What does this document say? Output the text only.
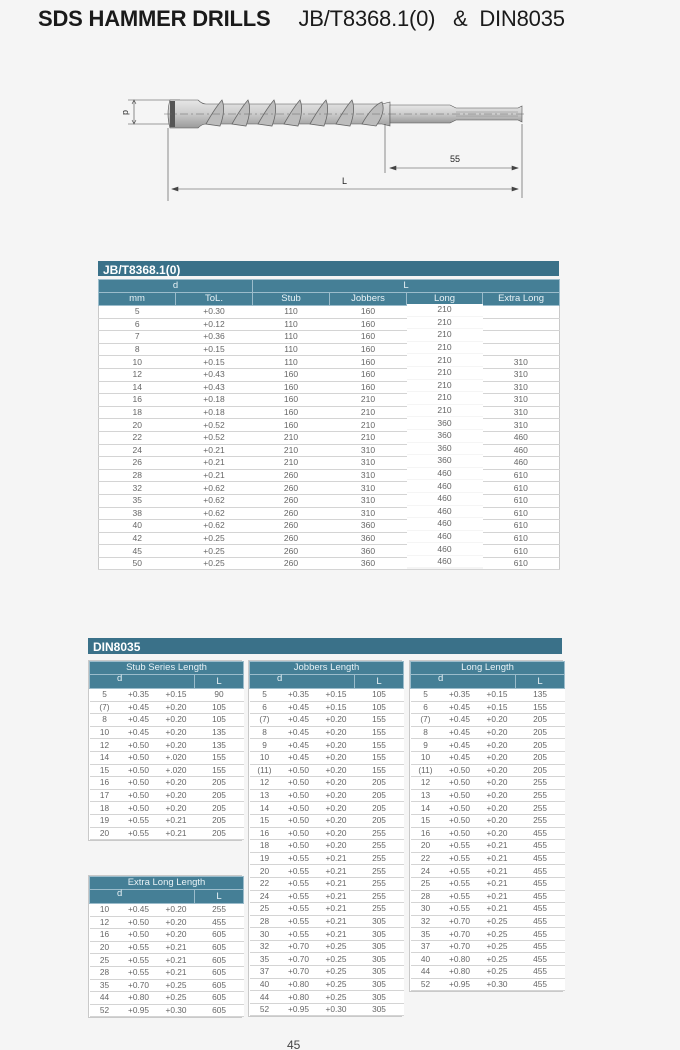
SDS HAMMER DRILLS JB/T8368.1(0)   &  DIN8035
d
55
L
JB/T8368.1(0)
d		L			
mm	ToL.	Stub	Jobbers	Long	Extra Long
5	+0.30	110	160	210	
6	+0.12	110	160	210	
7	+0.36	110	160	210	
8	+0.15	110	160	210	
10	+0.15	110	160	210	310
12	+0.43	160	160	210	310
14	+0.43	160	160	210	310
16	+0.18	160	210	210	310
18	+0.18	160	210	210	310
20	+0.52	160	210	360	310
22	+0.52	210	210	360	460
24	+0.21	210	310	360	460
26	+0.21	210	310	360	460
28	+0.21	260	310	460	610
32	+0.62	260	310	460	610
35	+0.62	260	310	460	610
38	+0.62	260	310	460	610
40	+0.62	260	360	460	610
42	+0.25	260	360	460	610
45	+0.25	260	360	460	610
50	+0.25	260	360	460	610
DIN8035
Stub Series Length			
d			L
5	+0.35	+0.15	90
(7)	+0.45	+0.20	105
8	+0.45	+0.20	105
10	+0.45	+0.20	135
12	+0.50	+0.20	135
14	+0.50	+.020	155
15	+0.50	+.020	155
16	+0.50	+0.20	205
17	+0.50	+0.20	205
18	+0.50	+0.20	205
19	+0.55	+0.21	205
20	+0.55	+0.21	205
Jobbers Length			
d			L
5	+0.35	+0.15	105
6	+0.45	+0.15	105
(7)	+0.45	+0.20	155
8	+0.45	+0.20	155
9	+0.45	+0.20	155
10	+0.45	+0.20	155
(11)	+0.50	+0.20	155
12	+0.50	+0.20	205
13	+0.50	+0.20	205
14	+0.50	+0.20	205
15	+0.50	+0.20	205
16	+0.50	+0.20	255
18	+0.50	+0.20	255
19	+0.55	+0.21	255
20	+0.55	+0.21	255
22	+0.55	+0.21	255
24	+0.55	+0.21	255
25	+0.55	+0.21	255
28	+0.55	+0.21	305
30	+0.55	+0.21	305
32	+0.70	+0.25	305
35	+0.70	+0.25	305
37	+0.70	+0.25	305
40	+0.80	+0.25	305
44	+0.80	+0.25	305
52	+0.95	+0.30	305
Long Length			
d			L
5	+0.35	+0.15	135
6	+0.45	+0.15	155
(7)	+0.45	+0.20	205
8	+0.45	+0.20	205
9	+0.45	+0.20	205
10	+0.45	+0.20	205
(11)	+0.50	+0.20	205
12	+0.50	+0.20	255
13	+0.50	+0.20	255
14	+0.50	+0.20	255
15	+0.50	+0.20	255
16	+0.50	+0.20	455
20	+0.55	+0.21	455
22	+0.55	+0.21	455
24	+0.55	+0.21	455
25	+0.55	+0.21	455
28	+0.55	+0.21	455
30	+0.55	+0.21	455
32	+0.70	+0.25	455
35	+0.70	+0.25	455
37	+0.70	+0.25	455
40	+0.80	+0.25	455
44	+0.80	+0.25	455
52	+0.95	+0.30	455
Extra Long Length			
d			L
10	+0.45	+0.20	255
12	+0.50	+0.20	455
16	+0.50	+0.20	605
20	+0.55	+0.21	605
25	+0.55	+0.21	605
28	+0.55	+0.21	605
35	+0.70	+0.25	605
44	+0.80	+0.25	605
52	+0.95	+0.30	605
45
